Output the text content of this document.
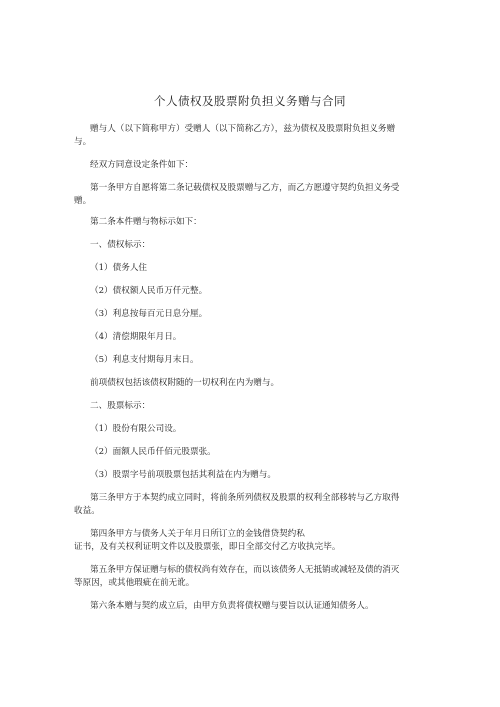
个人债权及股票附负担义务赠与合同
赠与人（以下简称甲方）受赠人（以下简称乙方），兹为债权及股票附负担义务赠
与。
经双方同意设定条件如下：
第一条甲方自愿将第二条记载债权及股票赠与乙方，而乙方愿遵守契约负担义务受
赠。
第二条本件赠与物标示如下：
一、债权标示：
（1）债务人住
（2）债权额人民币万仟元整。
（3）利息按每百元日息分厘。
（4）清偿期限年月日。
（5）利息支付期每月末日。
前项债权包括该债权附随的一切权利在内为赠与。
二、股票标示：
（1）股份有限公司设。
（2）面额人民币仟佰元股票张。
（3）股票字号前项股票包括其利益在内为赠与。
第三条甲方于本契约成立同时，将前条所列债权及股票的权利全部移转与乙方取得
收益。
第四条甲方与债务人关于年月日所订立的金钱借贷契约私
证书，及有关权利证明文件以及股票张，即日全部交付乙方收执完毕。
第五条甲方保证赠与标的债权尚有效存在，而以该债务人无抵销或减轻及债的消灭
等原因，或其他瑕疵在前无讹。
第六条本赠与契约成立后，由甲方负责将债权赠与要旨以认证通知债务人。
